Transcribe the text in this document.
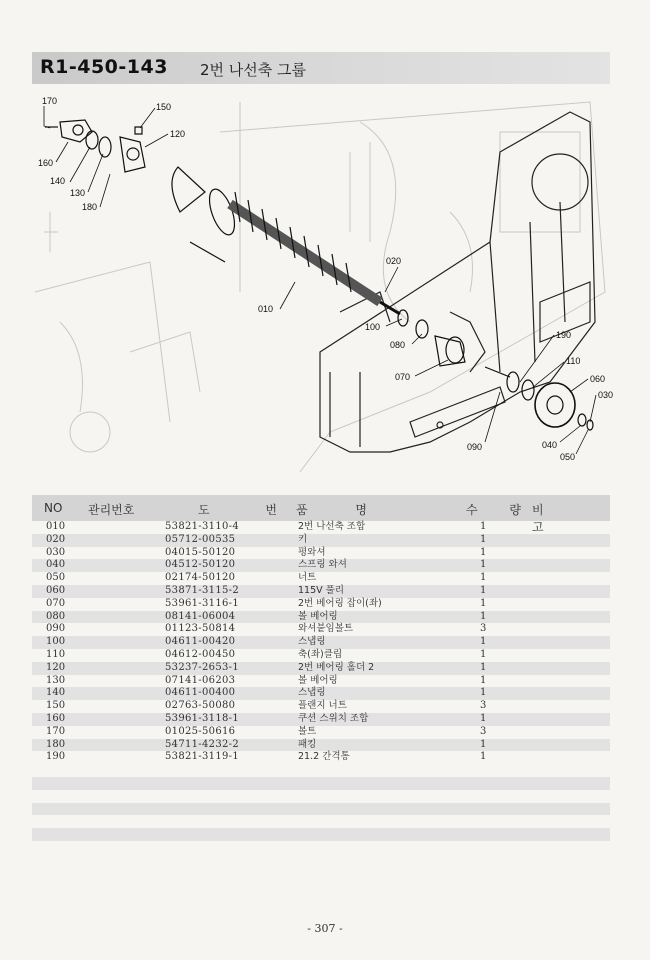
R1-450-143 2번 나선축 그룹
170
150
120
160
140
130
180
020
010
100
080
070
190
110
060
030
040
050
090
NO 관리번호	도 번
품 명	수 량
비 고
010	53821-3110-4	2번 나선축 조합	1
020	05712-00535	키	1
030	04015-50120	평와셔	1
040	04512-50120	스프링 와셔	1
050	02174-50120	너트	1
060	53871-3115-2	115V 풀리	1
070	53961-3116-1	2번 베어링 잡이(좌)	1
080	08141-06004	볼 베어링	1
090	01123-50814	와셔붙임볼트	3
100	04611-00420	스냅링	1
110	04612-00450	축(좌)클립	1
120	53237-2653-1	2번 베어링 홀더 2	1
130	07141-06203	볼 베어링	1
140	04611-00400	스냅링	1
150	02763-50080	플랜지 너트	3
160	53961-3118-1	쿠션 스위치 조합	1
170	01025-50616	볼트	3
180	54711-4232-2	패킹	1
190	53821-3119-1	21.2 간격통	1
- 307 -
